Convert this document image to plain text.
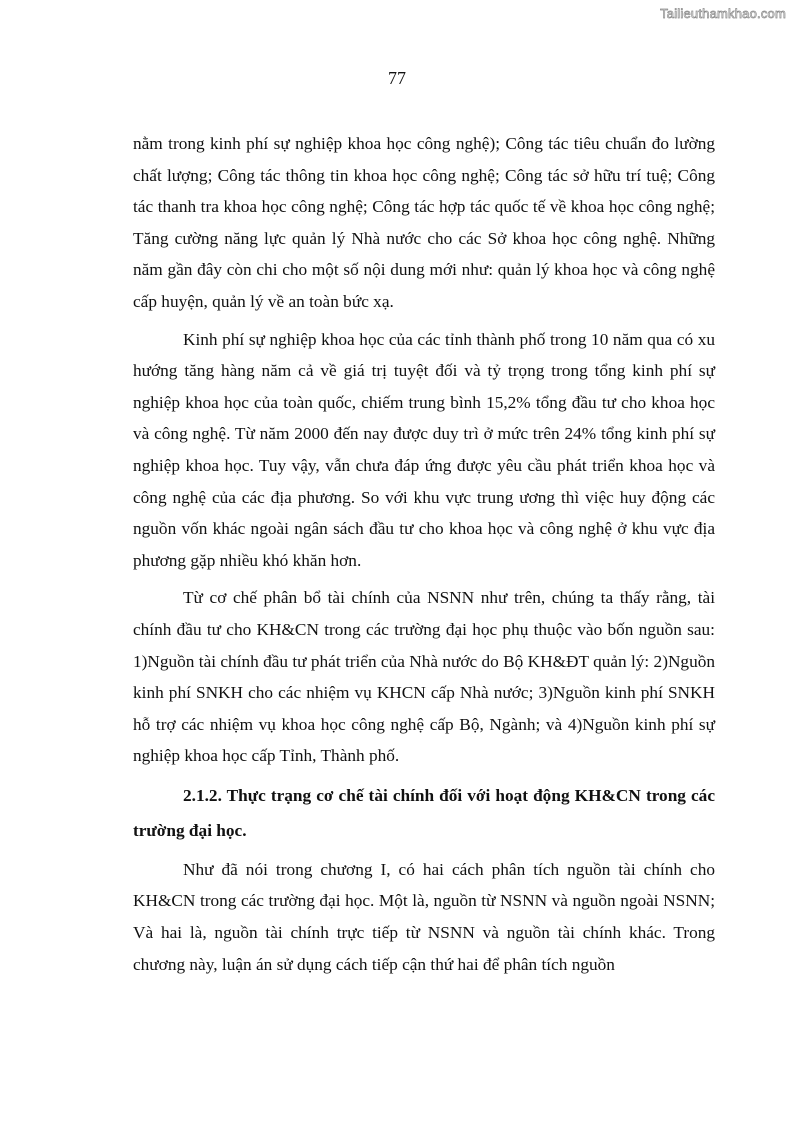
Tailieuthamkhao.com
77

nằm trong kinh phí sự nghiệp khoa học công nghệ); Công tác tiêu chuẩn đo lường chất lượng; Công tác thông tin khoa học công nghệ; Công tác sở hữu trí tuệ; Công tác thanh tra khoa học công nghệ; Công tác hợp tác quốc tế về khoa học công nghệ; Tăng cường năng lực quản lý Nhà nước cho các Sở khoa học công nghệ. Những năm gần đây còn chi cho một số nội dung mới như: quản lý khoa học và công nghệ cấp huyện, quản lý về an toàn bức xạ.

Kinh phí sự nghiệp khoa học của các tỉnh thành phố trong 10 năm qua có xu hướng tăng hàng năm cả về giá trị tuyệt đối và tỷ trọng trong tổng kinh phí sự nghiệp khoa học của toàn quốc, chiếm trung bình 15,2% tổng đầu tư cho khoa học và công nghệ. Từ năm 2000 đến nay được duy trì ở mức trên 24% tổng kinh phí sự nghiệp khoa học. Tuy vậy, vẫn chưa đáp ứng được yêu cầu phát triển khoa học và công nghệ của các địa phương. So với khu vực trung ương thì việc huy động các nguồn vốn khác ngoài ngân sách đầu tư cho khoa học và công nghệ ở khu vực địa phương gặp nhiều khó khăn hơn.

Từ cơ chế phân bổ tài chính của NSNN như trên, chúng ta thấy rằng, tài chính đầu tư cho KH&CN trong các trường đại học phụ thuộc vào bốn nguồn sau: 1)Nguồn tài chính đầu tư phát triển của Nhà nước do Bộ KH&ĐT quản lý: 2)Nguồn kinh phí SNKH cho các nhiệm vụ KHCN cấp Nhà nước; 3)Nguồn kinh phí SNKH hỗ trợ các nhiệm vụ khoa học công nghệ cấp Bộ, Ngành; và 4)Nguồn kinh phí sự nghiệp khoa học cấp Tỉnh, Thành phố.

2.1.2. Thực trạng cơ chế tài chính đối với hoạt động KH&CN trong các trường đại học.

Như đã nói trong chương I, có hai cách phân tích nguồn tài chính cho KH&CN trong các trường đại học. Một là, nguồn từ NSNN và nguồn ngoài NSNN; Và hai là, nguồn tài chính trực tiếp từ NSNN và nguồn tài chính khác. Trong chương này, luận án sử dụng cách tiếp cận thứ hai để phân tích nguồn
